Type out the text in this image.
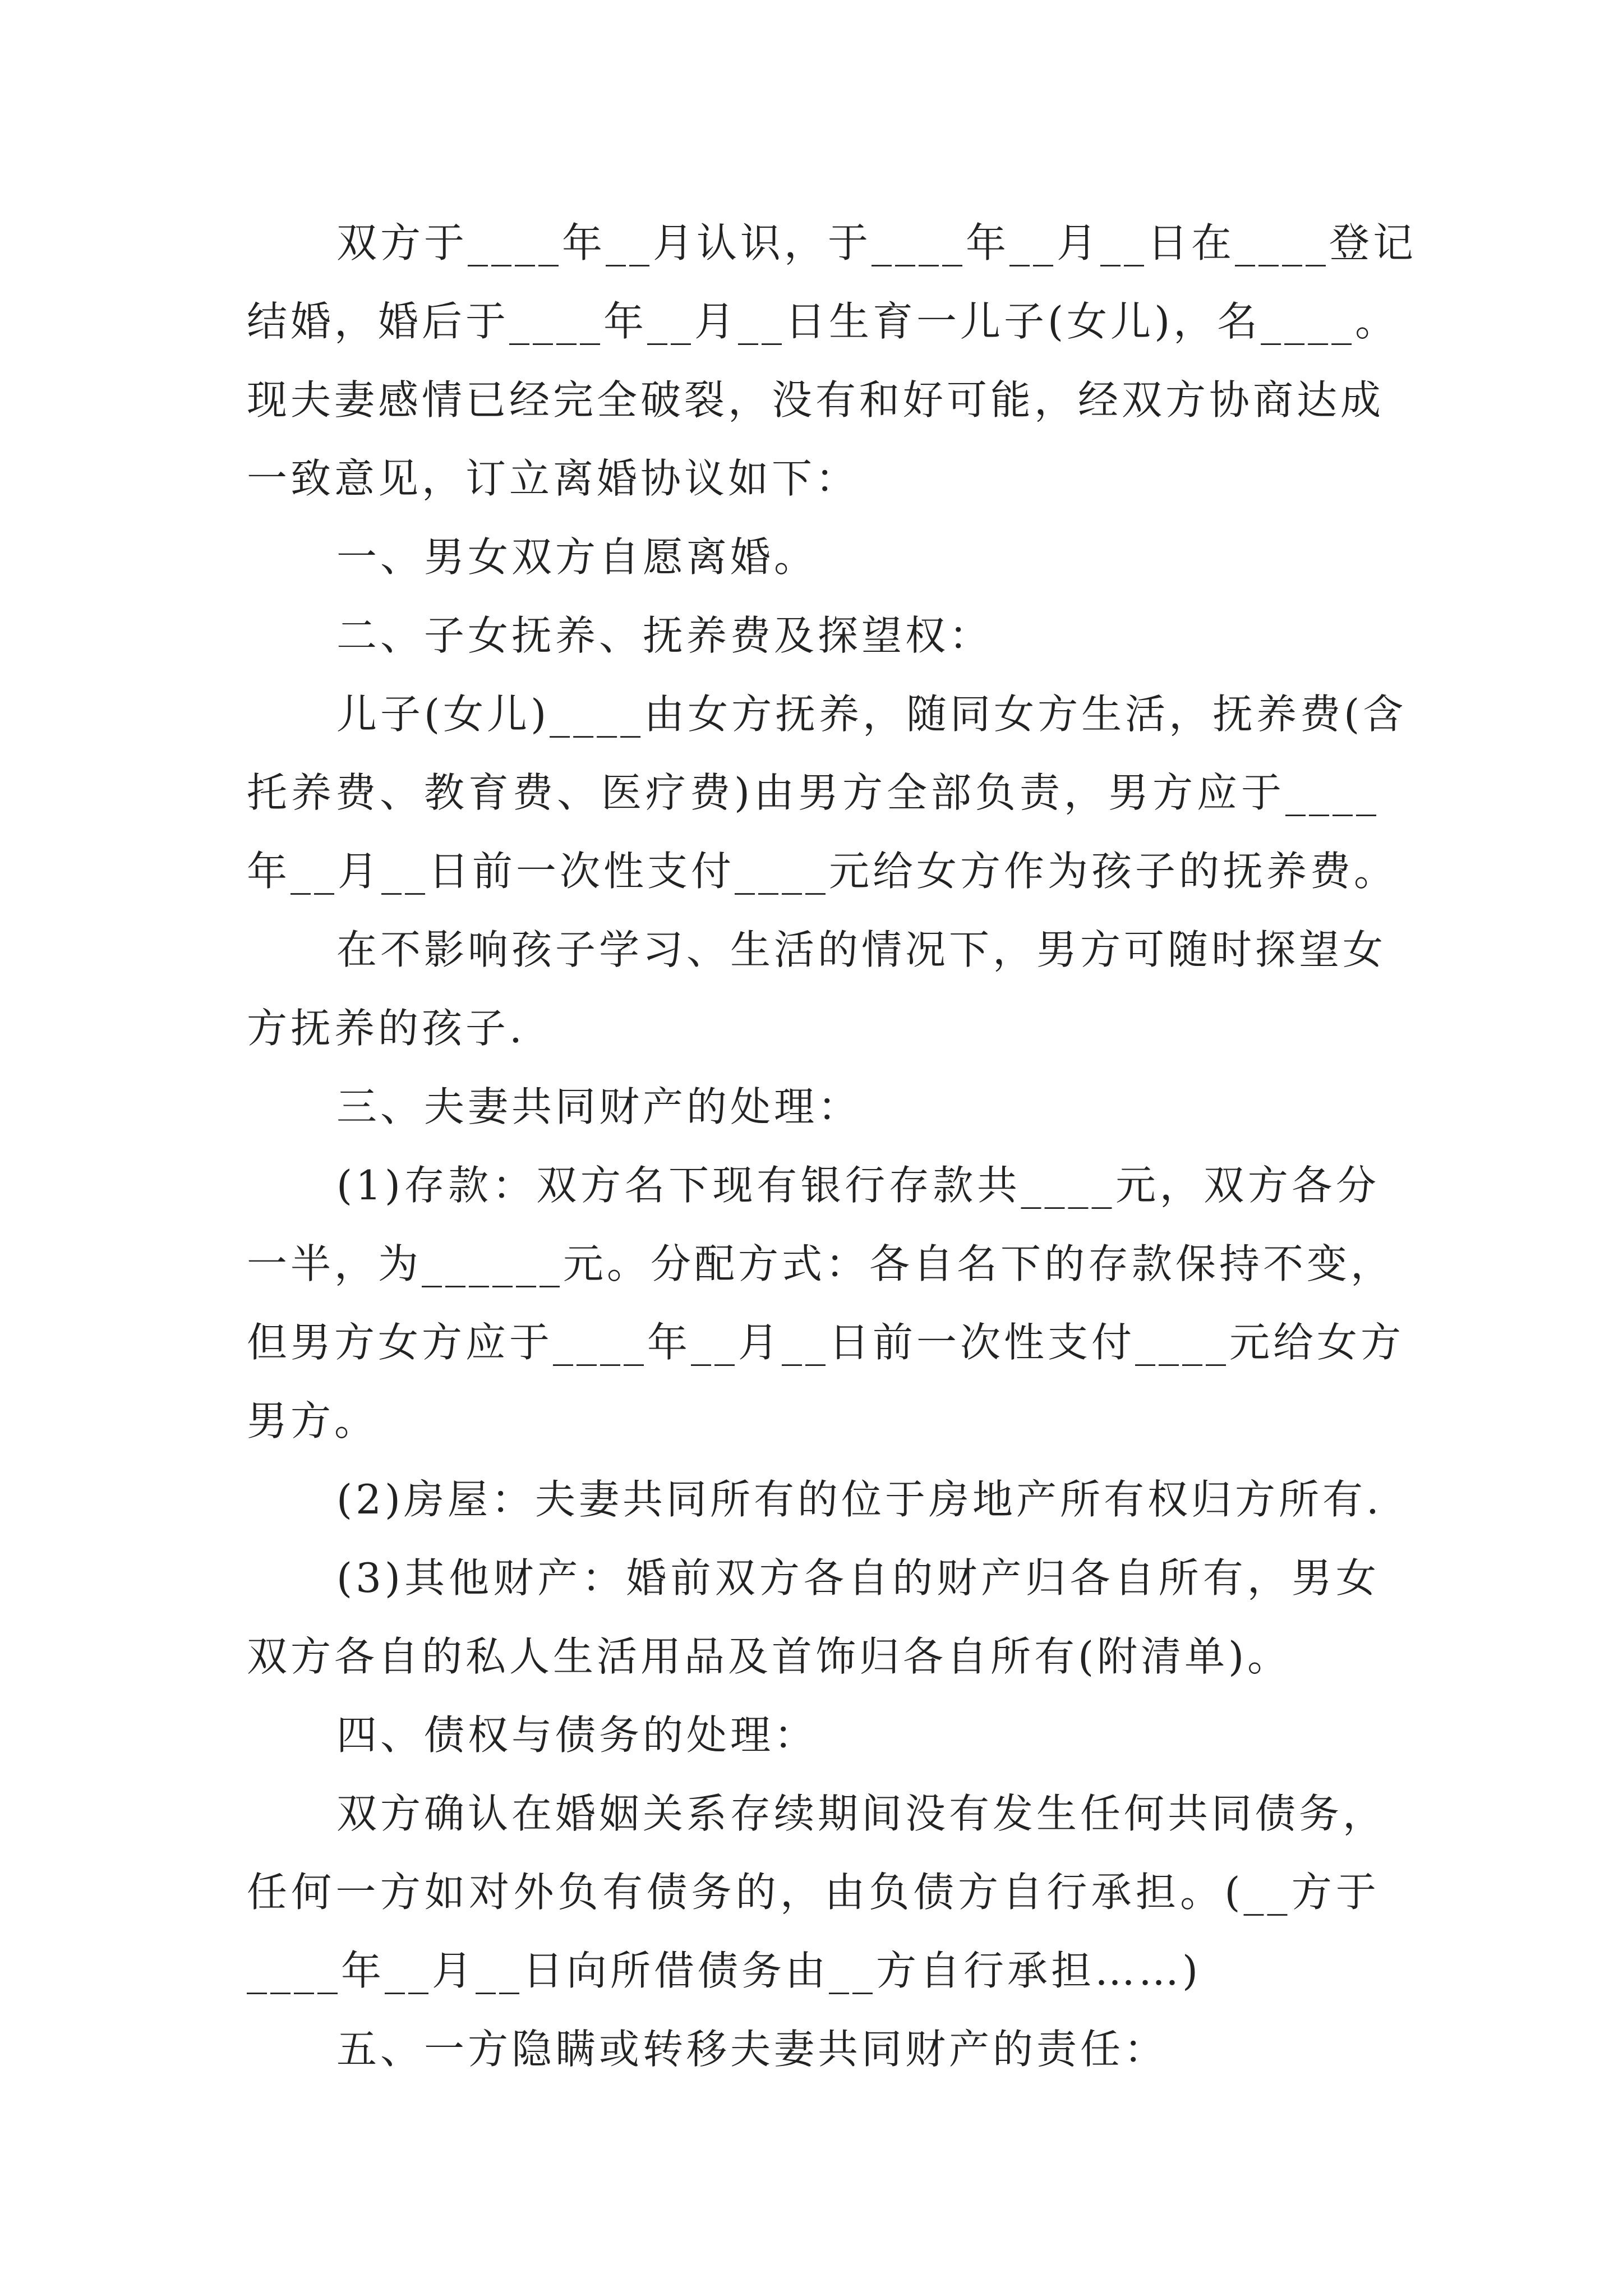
双方于____年__月认识，于____年__月__日在____登记
结婚，婚后于____年__月__日生育一儿子(女儿)，名____。
现夫妻感情已经完全破裂，没有和好可能，经双方协商达成
一致意见，订立离婚协议如下：
一、男女双方自愿离婚。
二、子女抚养、抚养费及探望权：
儿子(女儿)____由女方抚养，随同女方生活，抚养费(含
托养费、教育费、医疗费)由男方全部负责，男方应于____
年__月__日前一次性支付____元给女方作为孩子的抚养费。
在不影响孩子学习、生活的情况下，男方可随时探望女
方抚养的孩子.
三、夫妻共同财产的处理：
(1)存款：双方名下现有银行存款共____元，双方各分
一半，为______元。分配方式：各自名下的存款保持不变，
但男方女方应于____年__月__日前一次性支付____元给女方
男方。
(2)房屋：夫妻共同所有的位于房地产所有权归方所有.
(3)其他财产：婚前双方各自的财产归各自所有，男女
双方各自的私人生活用品及首饰归各自所有(附清单)。
四、债权与债务的处理：
双方确认在婚姻关系存续期间没有发生任何共同债务，
任何一方如对外负有债务的，由负债方自行承担。(__方于
____年__月__日向所借债务由__方自行承担……)
五、一方隐瞒或转移夫妻共同财产的责任：
